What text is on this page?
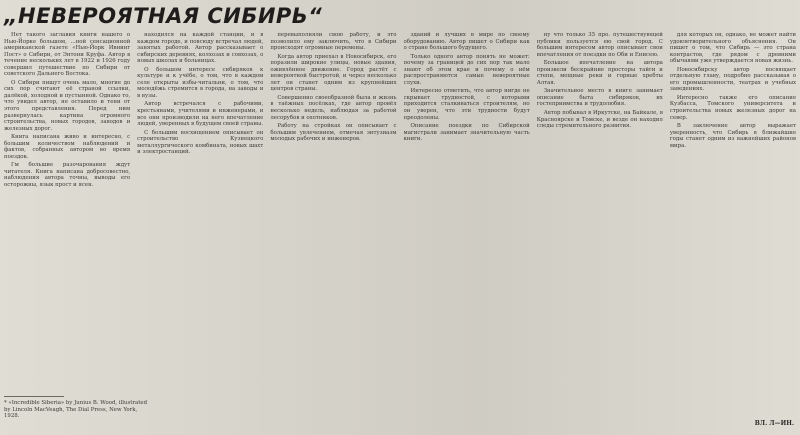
„НЕВЕРОЯТНАЯ СИБИРЬ“

Нет такого заглавия книги нашего о Нью-Йорке большом, ...ной сенсационной американской газете «Нью-Йорк Ивнинг Пост» о Сибири, от Энтони Круфа. Автор в течение нескольких лет в 1922 и 1926 году совершил путешествие по Сибири от советского Дальнего Востока.

О Сибири пишут очень мало, многие до сих пор считают её страной ссылки, далёкой, холодной и пустынной. Однако то, что увидел автор, не оставило и тени от этого представления. Перед ним развернулась картина огромного строительства, новых городов, заводов и железных дорог.

Книга написана живо и интересно, с большим количеством наблюдений и фактов, собранных автором во время поездок.

Гм большие разочарования ждут читателя. Книга написана добросовестно, наблюдения автора точны, выводы его осторожны, язык прост и ясен.

находился на каждой станции, и в каждом городе, и повсюду встречал людей, занятых работой. Автор рассказывает о сибирских деревнях, колхозах и совхозах, о новых школах и больницах.

О большом интересе сибиряков к культуре и к учёбе, о том, что в каждом селе открыты избы-читальни, о том, что молодёжь стремится в города, на заводы и в вузы.

Автор встречался с рабочими, крестьянами, учителями и инженерами, и все они производили на него впечатление людей, уверенных в будущем своей страны.

С большим восхищением описывает он строительство Кузнецкого металлургического комбината, новых шахт и электростанций.

перевыполняли свою работу, и это позволило ему заключить, что в Сибири происходят огромные перемены.

Когда автор приехал в Новосибирск, его поразили широкие улицы, новые здания, оживлённое движение. Город растёт с невероятной быстротой, и через несколько лет он станет одним из крупнейших центров страны.

Совершенно своеобразной была и жизнь в таёжных посёлках, где автор провёл несколько недель, наблюдая за работой лесорубов и охотников.

Работу на стройках он описывает с большим увлечением, отмечая энтузиазм молодых рабочих и инженеров.

зданий и лучших в мире по своему оборудованию. Автор пишет о Сибири как о стране большого будущего.

Только одного автор понять не может: почему за границей до сих пор так мало знают об этом крае и почему о нём распространяются самые невероятные слухи.

Интересно отметить, что автор нигде не скрывает трудностей, с которыми приходится сталкиваться строителям, но он уверен, что эти трудности будут преодолены.

Описание поездки по Сибирской магистрали занимает значительную часть книги.

ну что только 35 про. путешествующей публики пользуется ею свой город. С большим интересом автор описывает свои впечатления от поездки по Оби и Енисею.

Большое впечатление на автора произвели бескрайние просторы тайги и степи, мощные реки и горные хребты Алтая.

Значительное место в книге занимает описание быта сибиряков, их гостеприимства и трудолюбия.

Автор побывал в Иркутске, на Байкале, в Красноярске и Томске, и везде он находил следы стремительного развития.

для которых он, однако, не может найти удовлетворительного объяснения. Он пишет о том, что Сибирь — это страна контрастов, где рядом с древними обычаями уже утверждается новая жизнь.

Новосибирску автор посвящает отдельную главу, подробно рассказывая о его промышленности, театрах и учебных заведениях.

Интересно также его описание Кузбасса, Томского университета и строительства новых железных дорог на север.

В заключение автор выражает уверенность, что Сибирь в ближайшие годы станет одним из важнейших районов мира.

* «Incredible Siberia» by Junius B. Wood, illustrated by Lincoln MacVeagh, The Dial Press, New York, 1928.
ВЛ. Л—ИН.
